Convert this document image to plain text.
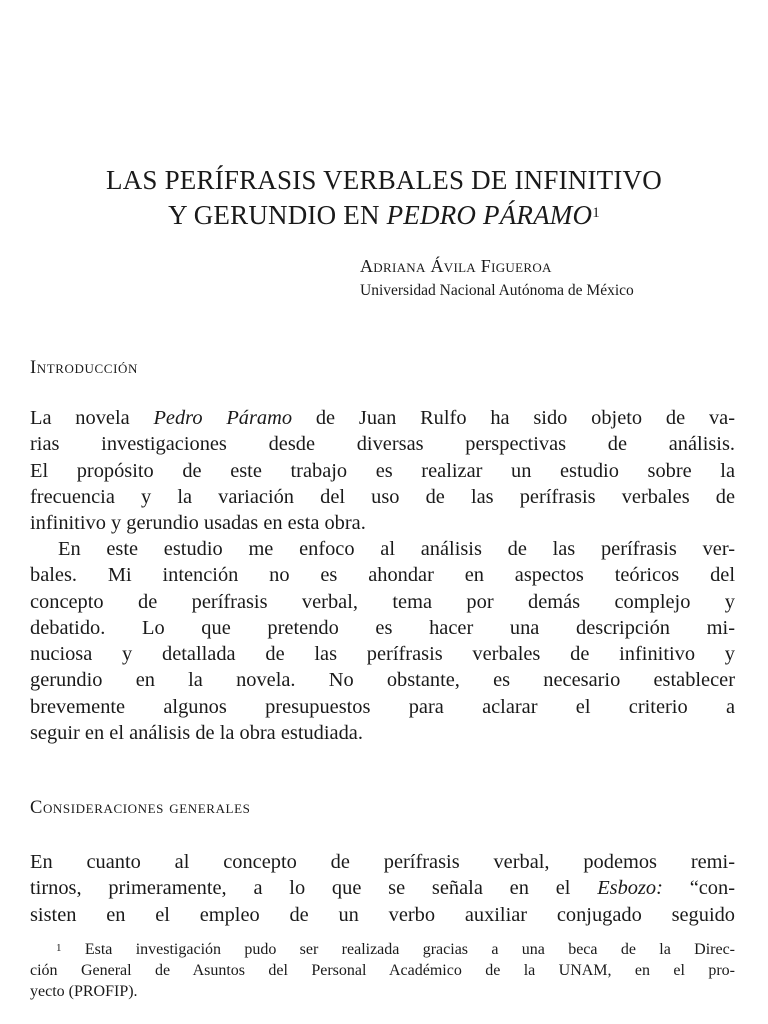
LAS PERÍFRASIS VERBALES DE INFINITIVO
Y GERUNDIO EN PEDRO PÁRAMO$^1$
Adriana Ávila Figueroa
Universidad Nacional Autónoma de México
Introducción

La novela Pedro Páramo de Juan Rulfo ha sido objeto de va-
rias investigaciones desde diversas perspectivas de análisis.
El propósito de este trabajo es realizar un estudio sobre la
frecuencia y la variación del uso de las perífrasis verbales de
infinitivo y gerundio usadas en esta obra.

En este estudio me enfoco al análisis de las perífrasis ver-
bales. Mi intención no es ahondar en aspectos teóricos del
concepto de perífrasis verbal, tema por demás complejo y
debatido. Lo que pretendo es hacer una descripción mi-
nuciosa y detallada de las perífrasis verbales de infinitivo y
gerundio en la novela. No obstante, es necesario establecer
brevemente algunos presupuestos para aclarar el criterio a
seguir en el análisis de la obra estudiada.

Consideraciones generales

En cuanto al concepto de perífrasis verbal, podemos remi-
tirnos, primeramente, a lo que se señala en el Esbozo: “con-
sisten en el empleo de un verbo auxiliar conjugado seguido

$^1$ Esta investigación pudo ser realizada gracias a una beca de la Direc-
ción General de Asuntos del Personal Académico de la UNAM, en el pro-
yecto (PROFIP).
